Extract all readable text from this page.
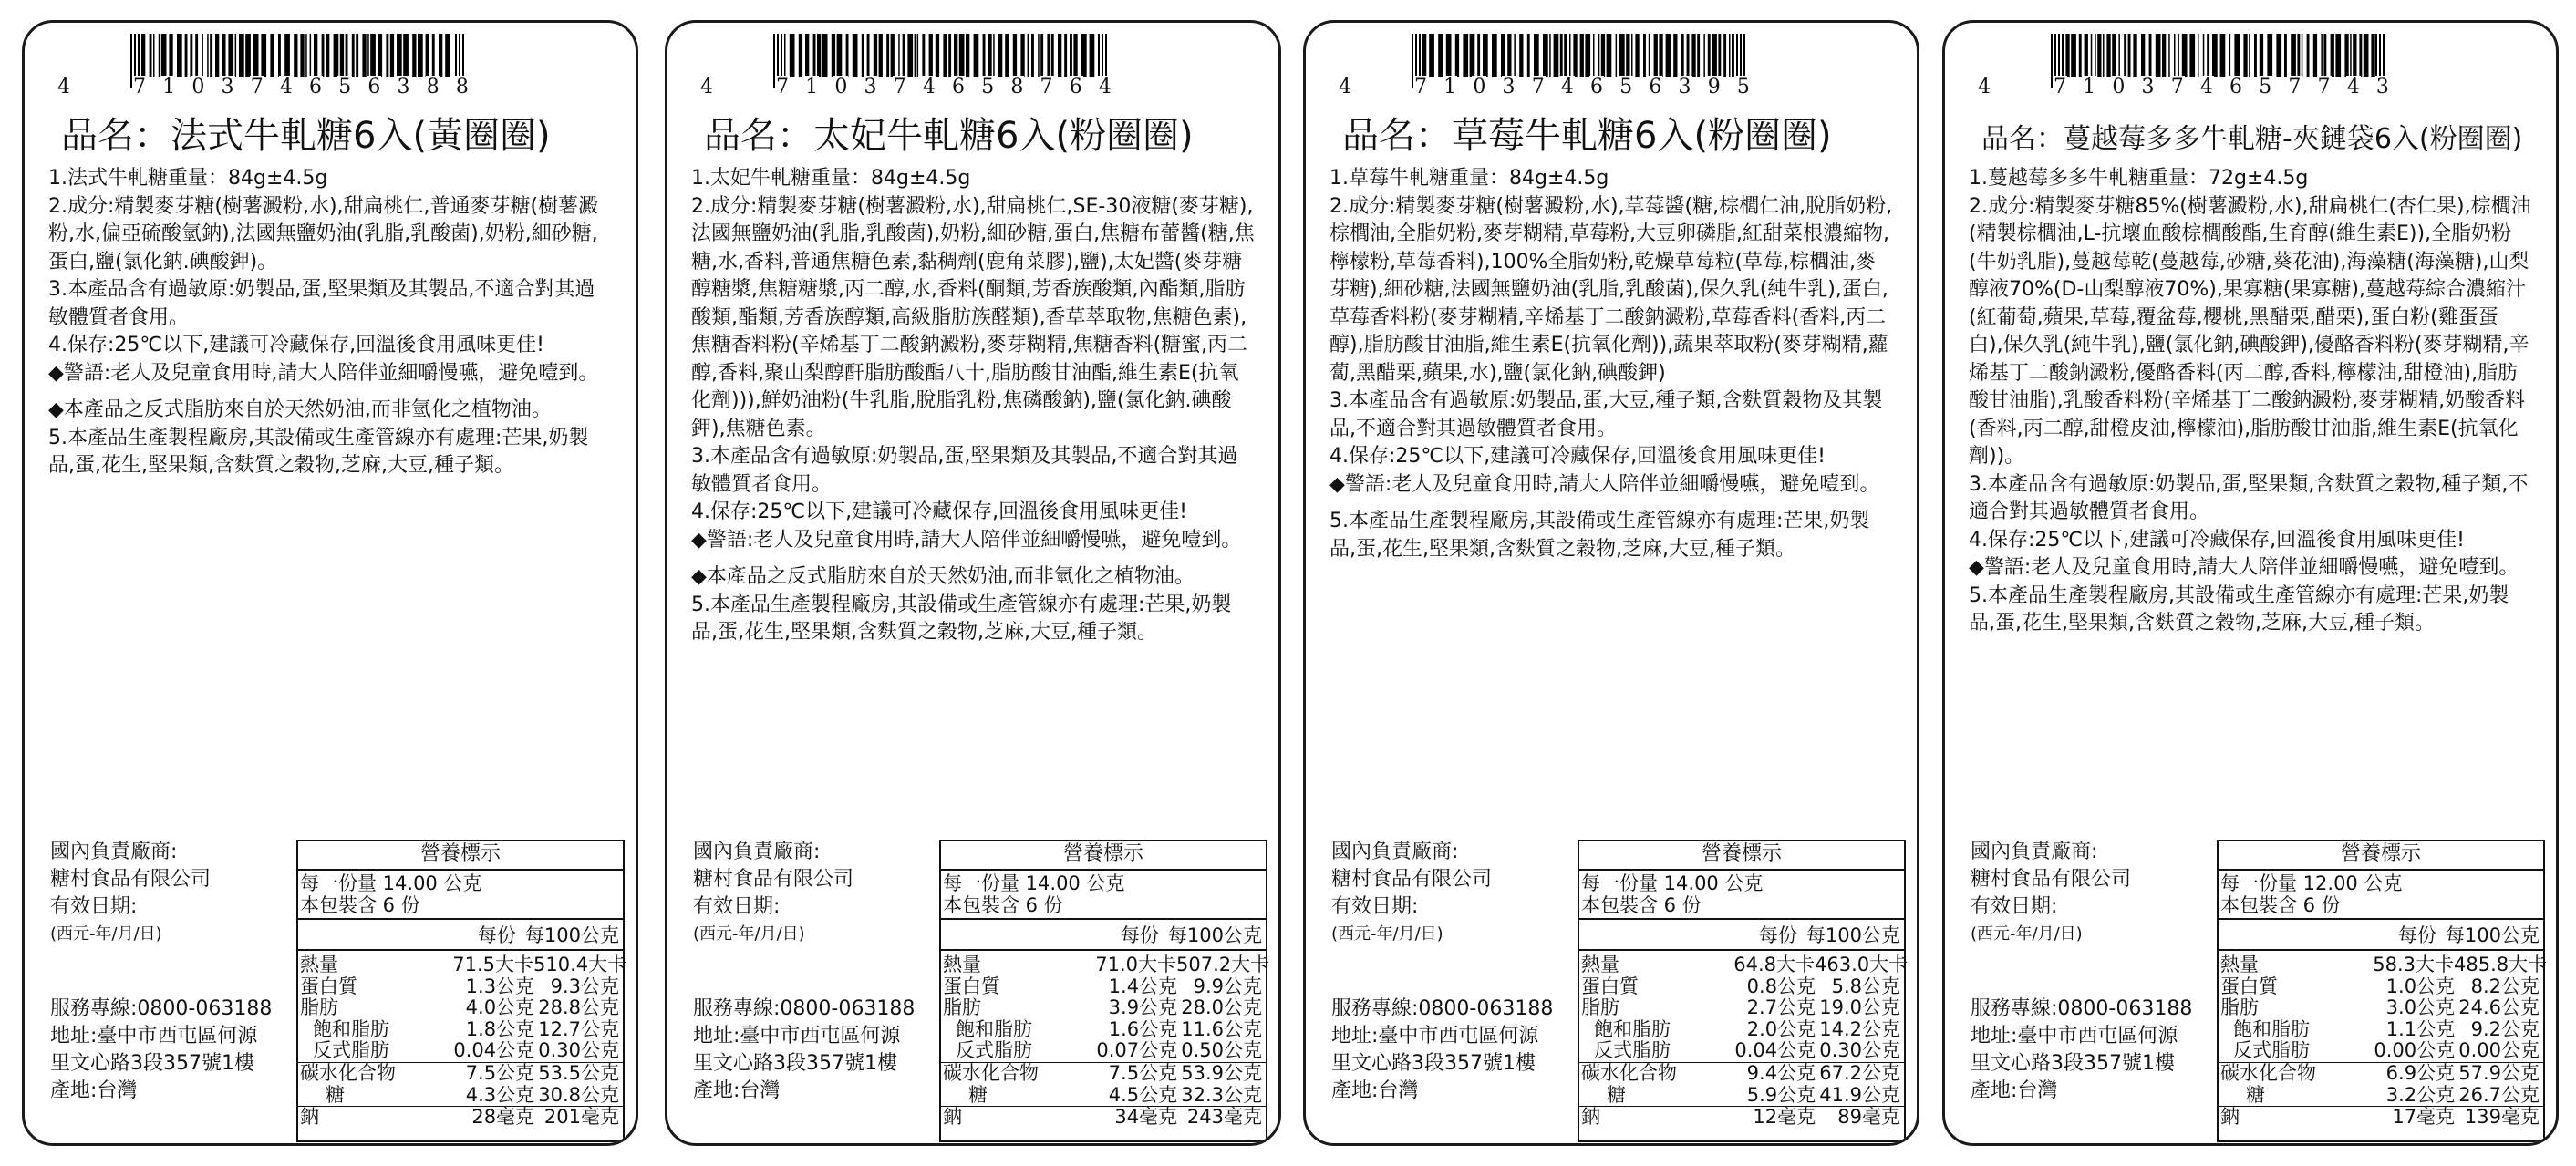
4	7 1 0 3 7 4 6 5 6 3 8 8
品名：法式牛軋糖6入(黃圈圈)

1.法式牛軋糖重量：84g±4.5g

2.成分:精製麥芽糖(樹薯澱粉,水),甜扁桃仁,普通麥芽糖(樹薯澱粉,水,偏亞硫酸氫鈉),法國無鹽奶油(乳脂,乳酸菌),奶粉,細砂糖,蛋白,鹽(氯化鈉.碘酸鉀)。

3.本產品含有過敏原:奶製品,蛋,堅果類及其製品,不適合對其過敏體質者食用。

4.保存:25℃以下,建議可冷藏保存,回溫後食用風味更佳!

◆警語:老人及兒童食用時,請大人陪伴並細嚼慢嚥，避免噎到。

◆本產品之反式脂肪來自於天然奶油,而非氫化之植物油。

5.本產品生產製程廠房,其設備或生產管線亦有處理:芒果,奶製品,蛋,花生,堅果類,含麩質之穀物,芝麻,大豆,種子類。

國內負責廠商:
糖村食品有限公司
有效日期:
(西元-年/月/日)
服務專線:0800-063188
地址:臺中市西屯區何源
里文心路3段357號1樓
產地:台灣
營養標示
每一份量 14.00 公克
本包裝含 6 份
每份 每100公克
熱量	71.5大卡 510.4大卡
蛋白質	1.3公克 9.3公克
脂肪	4.0公克 28.8公克
飽和脂肪	1.8公克 12.7公克
反式脂肪	0.04公克 0.30公克
碳水化合物	7.5公克 53.5公克
糖	4.3公克 30.8公克
鈉	28毫克 201毫克
4	7 1 0 3 7 4 6 5 8 7 6 4
品名：太妃牛軋糖6入(粉圈圈)

1.太妃牛軋糖重量：84g±4.5g

2.成分:精製麥芽糖(樹薯澱粉,水),甜扁桃仁,SE-30液糖(麥芽糖),法國無鹽奶油(乳脂,乳酸菌),奶粉,細砂糖,蛋白,焦糖布蕾醬(糖,焦糖,水,香料,普通焦糖色素,黏稠劑(鹿角菜膠),鹽),太妃醬(麥芽糖醇糖漿,焦糖糖漿,丙二醇,水,香料(酮類,芳香族酸類,內酯類,脂肪酸類,酯類,芳香族醇類,高級脂肪族醛類),香草萃取物,焦糖色素),焦糖香料粉(辛烯基丁二酸鈉澱粉,麥芽糊精,焦糖香料(糖蜜,丙二醇,香料,聚山梨醇酐脂肪酸酯八十,脂肪酸甘油酯,維生素E(抗氧化劑))),鮮奶油粉(牛乳脂,脫脂乳粉,焦磷酸鈉),鹽(氯化鈉.碘酸鉀),焦糖色素。

3.本產品含有過敏原:奶製品,蛋,堅果類及其製品,不適合對其過敏體質者食用。

4.保存:25℃以下,建議可冷藏保存,回溫後食用風味更佳!

◆警語:老人及兒童食用時,請大人陪伴並細嚼慢嚥，避免噎到。

◆本產品之反式脂肪來自於天然奶油,而非氫化之植物油。

5.本產品生產製程廠房,其設備或生產管線亦有處理:芒果,奶製品,蛋,花生,堅果類,含麩質之穀物,芝麻,大豆,種子類。

國內負責廠商:
糖村食品有限公司
有效日期:
(西元-年/月/日)
服務專線:0800-063188
地址:臺中市西屯區何源
里文心路3段357號1樓
產地:台灣
營養標示
每一份量 14.00 公克
本包裝含 6 份
每份 每100公克
熱量	71.0大卡 507.2大卡
蛋白質	1.4公克 9.9公克
脂肪	3.9公克 28.0公克
飽和脂肪	1.6公克 11.6公克
反式脂肪	0.07公克 0.50公克
碳水化合物	7.5公克 53.9公克
糖	4.5公克 32.3公克
鈉	34毫克 243毫克
4	7 1 0 3 7 4 6 5 6 3 9 5
品名：草莓牛軋糖6入(粉圈圈)

1.草莓牛軋糖重量：84g±4.5g

2.成分:精製麥芽糖(樹薯澱粉,水),草莓醬(糖,棕櫚仁油,脫脂奶粉,棕櫚油,全脂奶粉,麥芽糊精,草莓粉,大豆卵磷脂,紅甜菜根濃縮物,檸檬粉,草莓香料),100%全脂奶粉,乾燥草莓粒(草莓,棕櫚油,麥芽糖),細砂糖,法國無鹽奶油(乳脂,乳酸菌),保久乳(純牛乳),蛋白,草莓香料粉(麥芽糊精,辛烯基丁二酸鈉澱粉,草莓香料(香料,丙二醇),脂肪酸甘油脂,維生素E(抗氧化劑)),蔬果萃取粉(麥芽糊精,蘿蔔,黑醋栗,蘋果,水),鹽(氯化鈉,碘酸鉀)

3.本產品含有過敏原:奶製品,蛋,大豆,種子類,含麩質穀物及其製品,不適合對其過敏體質者食用。

4.保存:25℃以下,建議可冷藏保存,回溫後食用風味更佳!

◆警語:老人及兒童食用時,請大人陪伴並細嚼慢嚥，避免噎到。

5.本產品生產製程廠房,其設備或生產管線亦有處理:芒果,奶製品,蛋,花生,堅果類,含麩質之穀物,芝麻,大豆,種子類。

國內負責廠商:
糖村食品有限公司
有效日期:
(西元-年/月/日)
服務專線:0800-063188
地址:臺中市西屯區何源
里文心路3段357號1樓
產地:台灣
營養標示
每一份量 14.00 公克
本包裝含 6 份
每份 每100公克
熱量	64.8大卡 463.0大卡
蛋白質	0.8公克 5.8公克
脂肪	2.7公克 19.0公克
飽和脂肪	2.0公克 14.2公克
反式脂肪	0.04公克 0.30公克
碳水化合物	9.4公克 67.2公克
糖	5.9公克 41.9公克
鈉	12毫克	89毫克
4	7 1 0 3 7 4 6 5 7 7 4 3
品名：蔓越莓多多牛軋糖-夾鏈袋6入(粉圈圈)

1.蔓越莓多多牛軋糖重量：72g±4.5g

2.成分:精製麥芽糖85%(樹薯澱粉,水),甜扁桃仁(杏仁果),棕櫚油(精製棕櫚油,L-抗壞血酸棕櫚酸酯,生育醇(維生素E)),全脂奶粉(牛奶乳脂),蔓越莓乾(蔓越莓,砂糖,葵花油),海藻糖(海藻糖),山梨醇液70%(D-山梨醇液70%),果寡糖(果寡糖),蔓越莓綜合濃縮汁(紅葡萄,蘋果,草莓,覆盆莓,櫻桃,黑醋栗,醋栗),蛋白粉(雞蛋蛋白),保久乳(純牛乳),鹽(氯化鈉,碘酸鉀),優酪香料粉(麥芽糊精,辛烯基丁二酸鈉澱粉,優酪香料(丙二醇,香料,檸檬油,甜橙油),脂肪酸甘油脂),乳酸香料粉(辛烯基丁二酸鈉澱粉,麥芽糊精,奶酸香料(香料,丙二醇,甜橙皮油,檸檬油),脂肪酸甘油脂,維生素E(抗氧化劑))。

3.本產品含有過敏原:奶製品,蛋,堅果類,含麩質之穀物,種子類,不適合對其過敏體質者食用。

4.保存:25℃以下,建議可冷藏保存,回溫後食用風味更佳!

◆警語:老人及兒童食用時,請大人陪伴並細嚼慢嚥，避免噎到。

5.本產品生產製程廠房,其設備或生產管線亦有處理:芒果,奶製品,蛋,花生,堅果類,含麩質之穀物,芝麻,大豆,種子類。

國內負責廠商:
糖村食品有限公司
有效日期:
(西元-年/月/日)
服務專線:0800-063188
地址:臺中市西屯區何源
里文心路3段357號1樓
產地:台灣
營養標示
每一份量 12.00 公克
本包裝含 6 份
每份 每100公克
熱量	58.3大卡 485.8大卡
蛋白質	1.0公克 8.2公克
脂肪	3.0公克 24.6公克
飽和脂肪	1.1公克 9.2公克
反式脂肪	0.00公克 0.00公克
碳水化合物	6.9公克 57.9公克
糖	3.2公克 26.7公克
鈉	17毫克 139毫克
